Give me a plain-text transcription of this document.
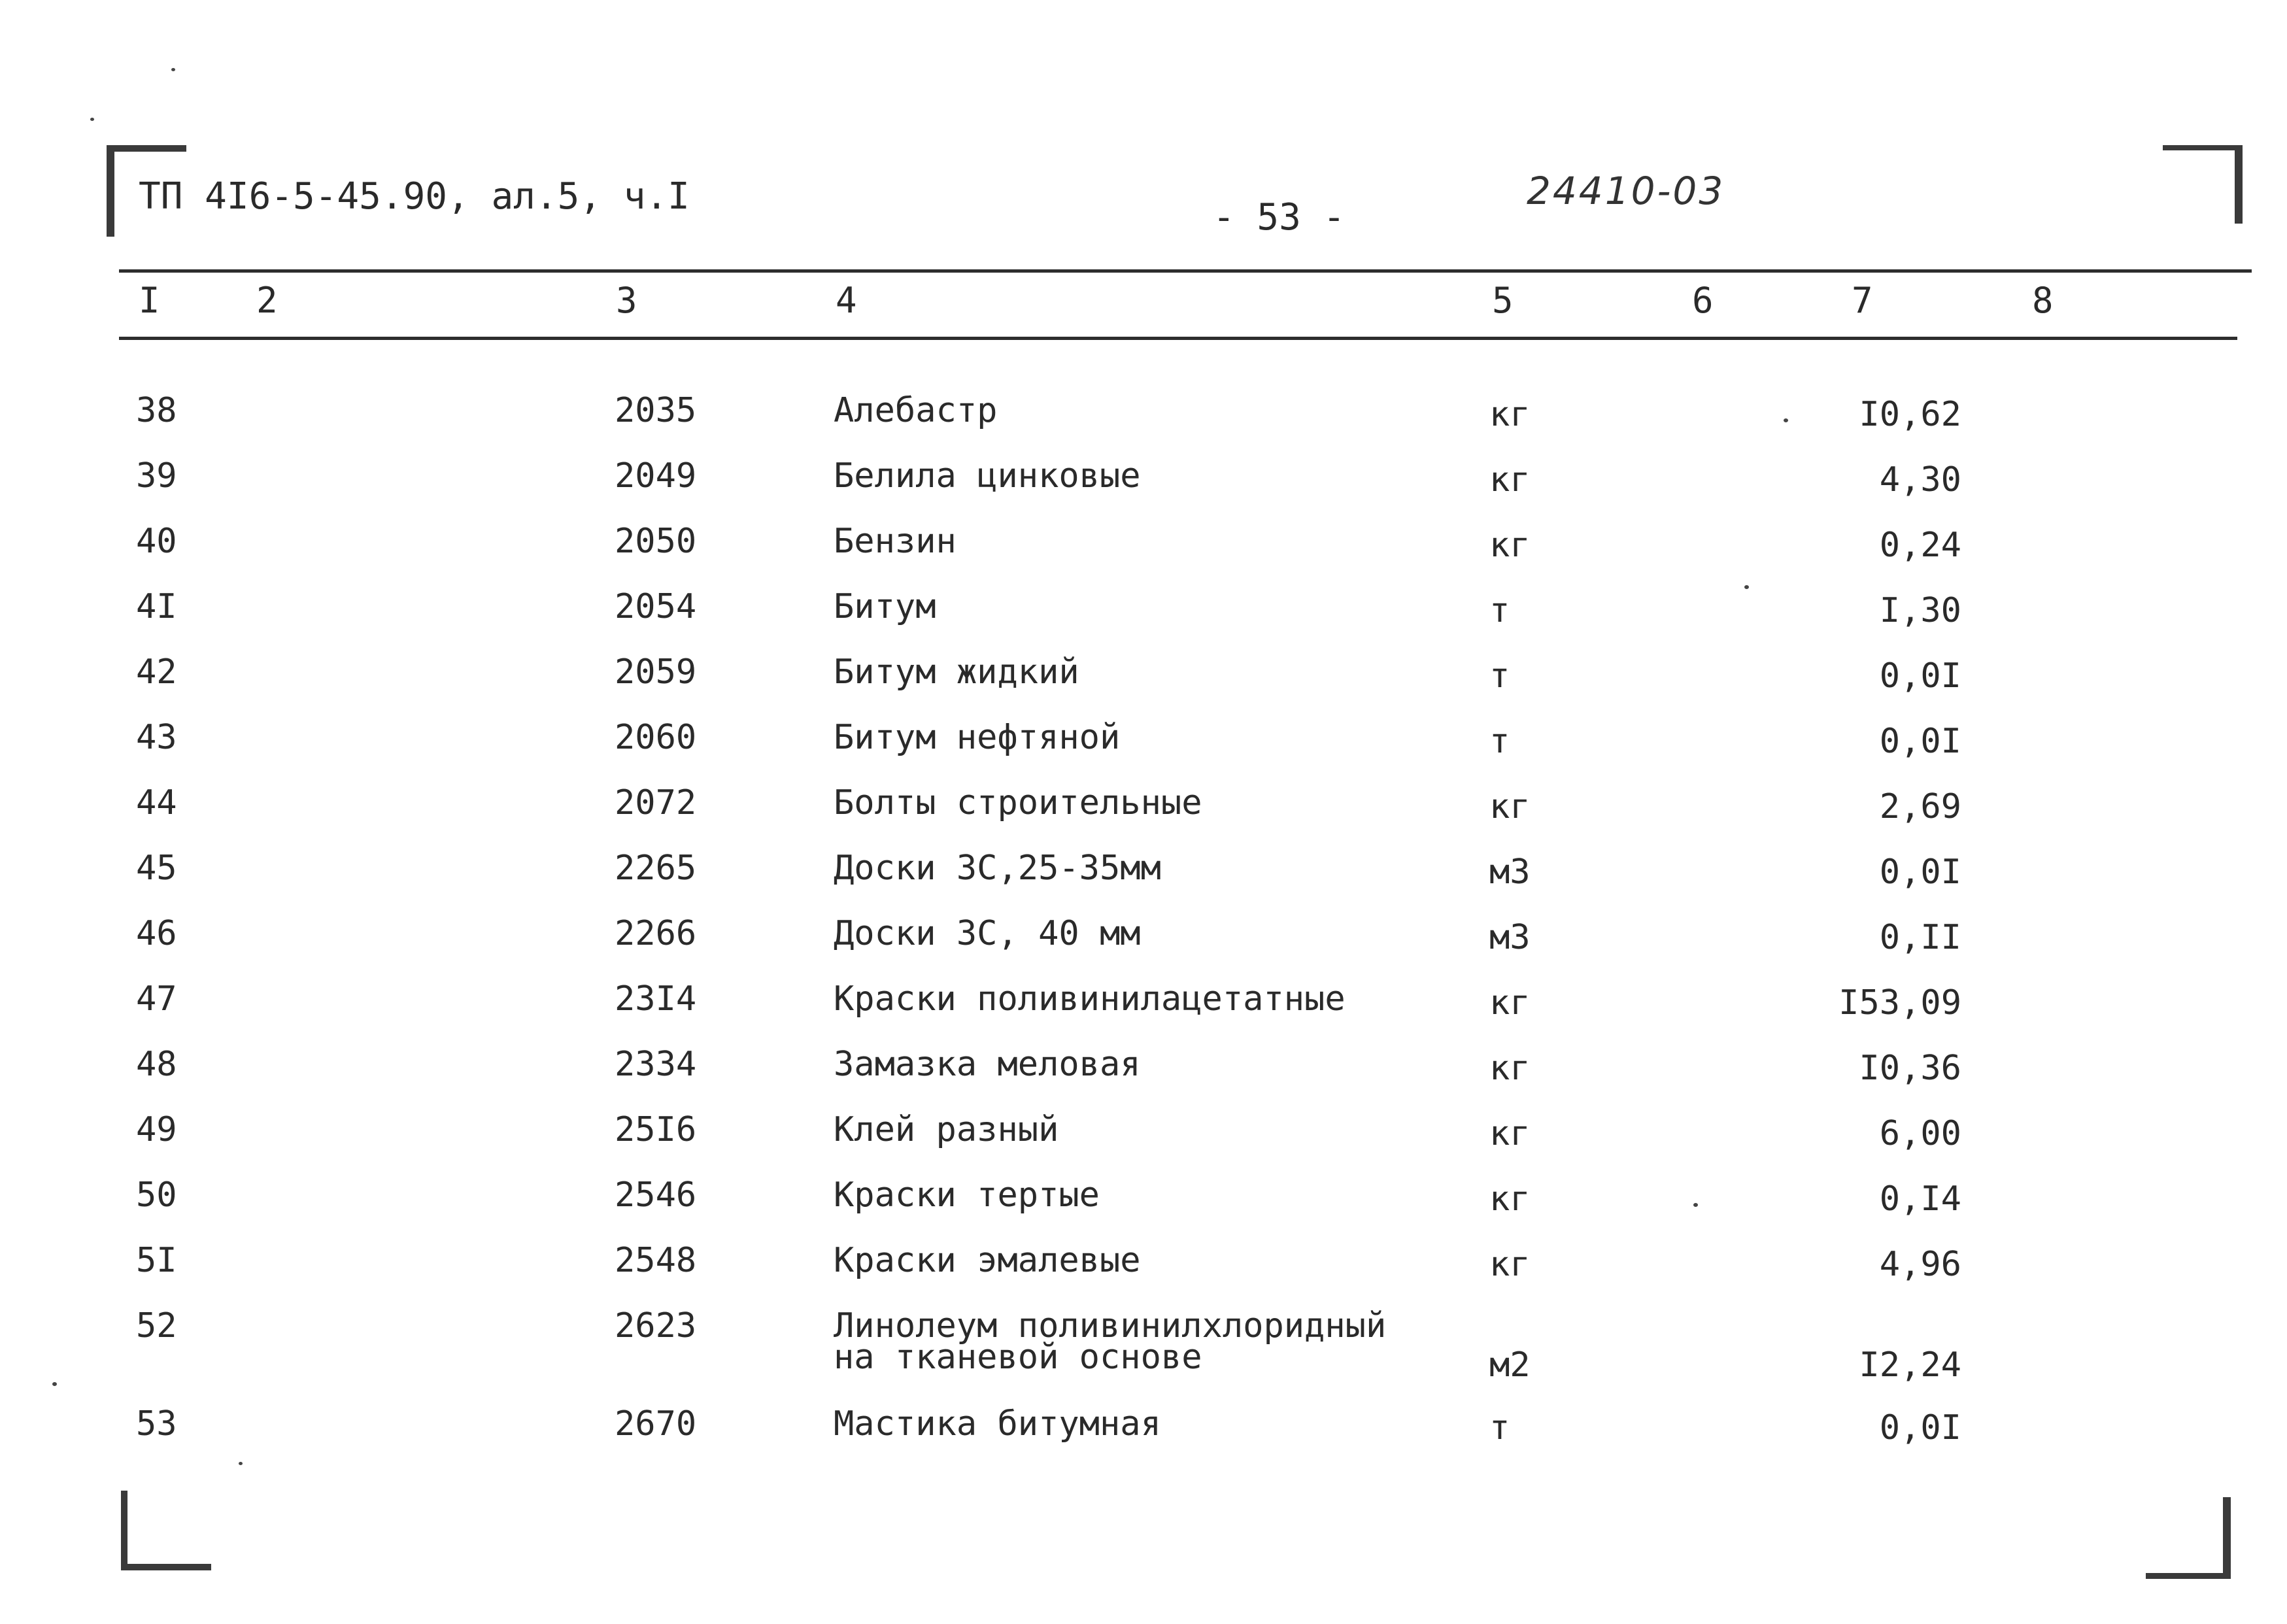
ТП 4I6-5-45.90, ал.5, ч.I	- 53 -
24410-03
I	2	3	4	5	6	7	8
38	2035	Алебастр	кг	I0,62
39	2049	Белила цинковые	кг	4,30
40	2050	Бензин	кг	0,24
4I	2054	Битум	т	I,30
42	2059	Битум жидкий	т	0,0I
43	2060	Битум нефтяной	т	0,0I
44	2072	Болты строительные	кг	2,69
45	2265	Доски 3С,25-35мм	м3	0,0I
46	2266	Доски 3С, 40 мм	м3	0,II
47	23I4	Краски поливинилацетатные	кг	I53,09
48	2334	Замазка меловая	кг	I0,36
49	25I6	Клей разный	кг	6,00
50	2546	Краски тертые	кг	0,I4
5I	2548	Краски эмалевые	кг	4,96
52	2623	Линолеум поливинилхлоридный
на тканевой основе	м2	I2,24
53	2670	Мастика битумная	т	0,0I
